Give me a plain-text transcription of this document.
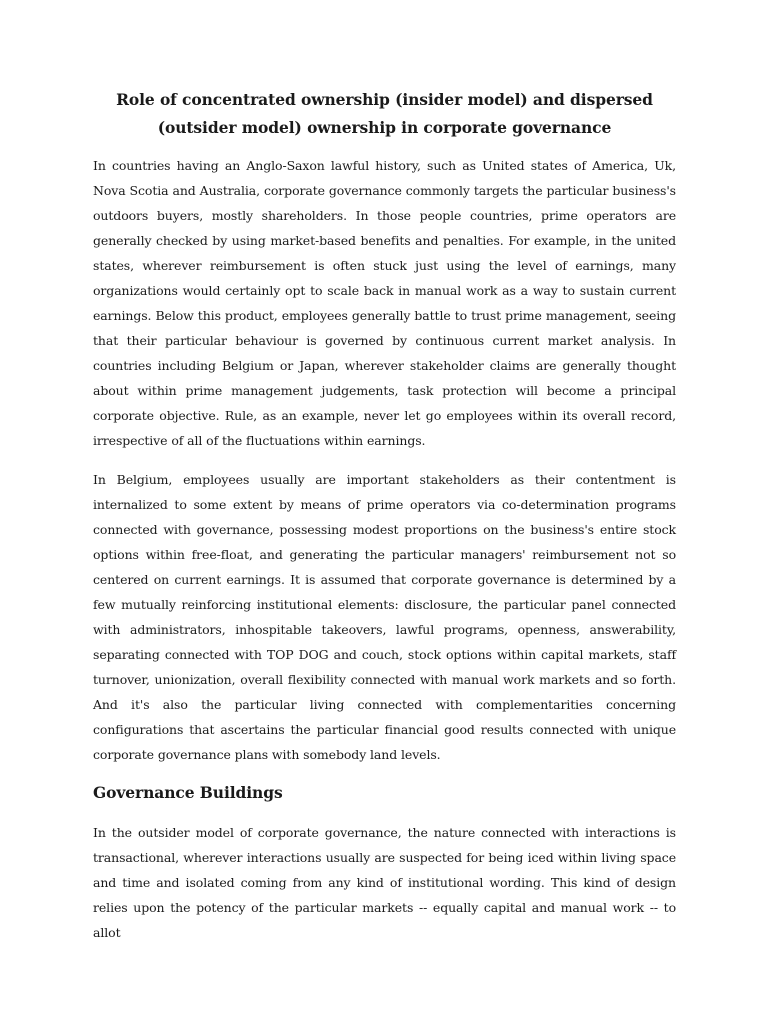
Role of concentrated ownership (insider model) and dispersed (outsider model) ownership in corporate governance

In countries having an Anglo-Saxon lawful history, such as United states of America, Uk, Nova Scotia and Australia, corporate governance commonly targets the particular business's outdoors buyers, mostly shareholders. In those people countries, prime operators are generally checked by using market-based benefits and penalties. For example, in the united states, wherever reimbursement is often stuck just using the level of earnings, many organizations would certainly opt to scale back in manual work as a way to sustain current earnings. Below this product, employees generally battle to trust prime management, seeing that their particular behaviour is governed by continuous current market analysis. In countries including Belgium or Japan, wherever stakeholder claims are generally thought about within prime management judgements, task protection will become a principal corporate objective. Rule, as an example, never let go employees within its overall record, irrespective of all of the fluctuations within earnings.

In Belgium, employees usually are important stakeholders as their contentment is internalized to some extent by means of prime operators via co-determination programs connected with governance, possessing modest proportions on the business's entire stock options within free-float, and generating the particular managers' reimbursement not so centered on current earnings. It is assumed that corporate governance is determined by a few mutually reinforcing institutional elements: disclosure, the particular panel connected with administrators, inhospitable takeovers, lawful programs, openness, answerability, separating connected with TOP DOG and couch, stock options within capital markets, staff turnover, unionization, overall flexibility connected with manual work markets and so forth. And it's also the particular living connected with complementarities concerning configurations that ascertains the particular financial good results connected with unique corporate governance plans with somebody land levels.

Governance Buildings

In the outsider model of corporate governance, the nature connected with interactions is transactional, wherever interactions usually are suspected for being iced within living space and time and isolated coming from any kind of institutional wording. This kind of design relies upon the potency of the particular markets -- equally capital and manual work -- to allot
